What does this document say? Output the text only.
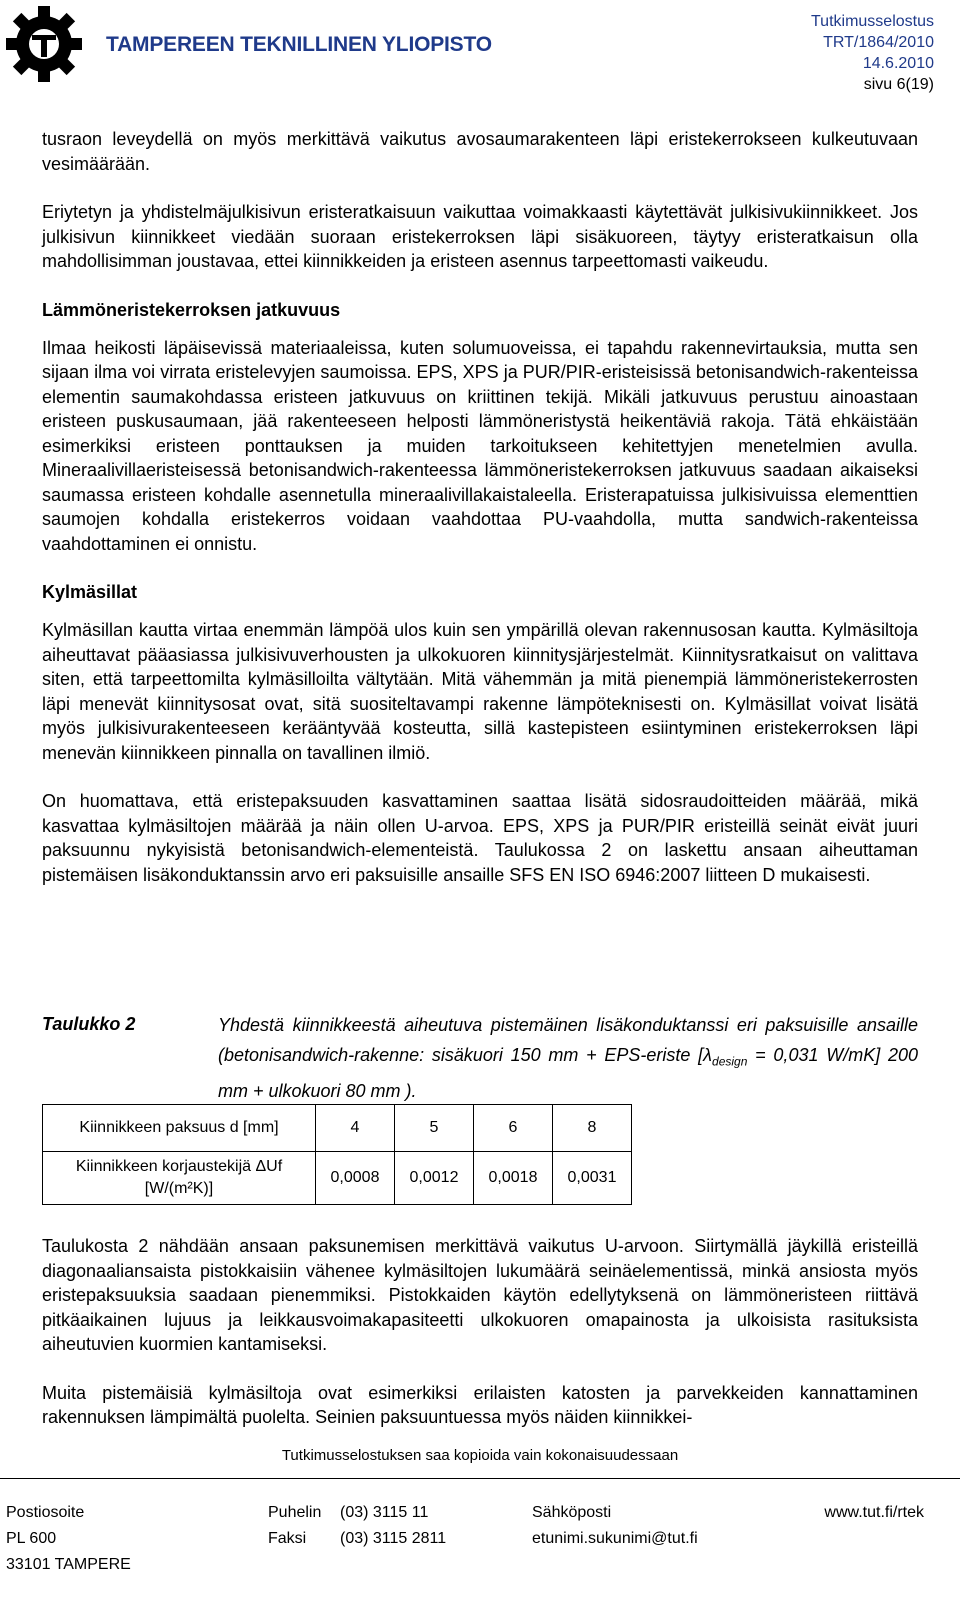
TAMPEREEN TEKNILLINEN YLIOPISTO
Tutkimusselostus
TRT/1864/2010
14.6.2010
sivu 6(19)

tusraon leveydellä on myös merkittävä vaikutus avosaumarakenteen läpi eristekerrokseen kulkeutuvaan vesimäärään.

Eriytetyn ja yhdistelmäjulkisivun eristeratkaisuun vaikuttaa voimakkaasti käytettävät julkisivukiinnikkeet. Jos julkisivun kiinnikkeet viedään suoraan eristekerroksen läpi sisäkuoreen, täytyy eristeratkaisun olla mahdollisimman joustavaa, ettei kiinnikkeiden ja eristeen asennus tarpeettomasti vaikeudu.

Lämmöneristekerroksen jatkuvuus

Ilmaa heikosti läpäisevissä materiaaleissa, kuten solumuoveissa, ei tapahdu rakennevirtauksia, mutta sen sijaan ilma voi virrata eristelevyjen saumoissa. EPS, XPS ja PUR/PIR-eristeisissä betonisandwich-rakenteissa elementin saumakohdassa eristeen jatkuvuus on kriittinen tekijä. Mikäli jatkuvuus perustuu ainoastaan eristeen puskusaumaan, jää rakenteeseen helposti lämmöneristystä heikentäviä rakoja. Tätä ehkäistään esimerkiksi eristeen ponttauksen ja muiden tarkoitukseen kehitettyjen menetelmien avulla. Mineraalivillaeristeisessä betonisandwich-rakenteessa lämmöneristekerroksen jatkuvuus saadaan aikaiseksi saumassa eristeen kohdalle asennetulla mineraalivillakaistaleella. Eristerapatuissa julkisivuissa elementtien saumojen kohdalla eristekerros voidaan vaahdottaa PU-vaahdolla, mutta sandwich-rakenteissa vaahdottaminen ei onnistu.

Kylmäsillat

Kylmäsillan kautta virtaa enemmän lämpöä ulos kuin sen ympärillä olevan rakennusosan kautta. Kylmäsiltoja aiheuttavat pääasiassa julkisivuverhousten ja ulkokuoren kiinnitysjärjestelmät. Kiinnitysratkaisut on valittava siten, että tarpeettomilta kylmäsilloilta vältytään. Mitä vähemmän ja mitä pienempiä lämmöneristekerrosten läpi menevät kiinnitysosat ovat, sitä suositeltavampi rakenne lämpöteknisesti on. Kylmäsillat voivat lisätä myös julkisivurakenteeseen kerääntyvää kosteutta, sillä kastepisteen esiintyminen eristekerroksen läpi menevän kiinnikkeen pinnalla on tavallinen ilmiö.

On huomattava, että eristepaksuuden kasvattaminen saattaa lisätä sidosraudoitteiden määrää, mikä kasvattaa kylmäsiltojen määrää ja näin ollen U-arvoa. EPS, XPS ja PUR/PIR eristeillä seinät eivät juuri paksuunnu nykyisistä betonisandwich-elementeistä. Taulukossa 2 on laskettu ansaan aiheuttaman pistemäisen lisäkonduktanssin arvo eri paksuisille ansaille SFS EN ISO 6946:2007 liitteen D mukaisesti.

Taulukko 2	Yhdestä kiinnikkeestä aiheutuva pistemäinen lisäkonduktanssi eri paksuisille ansaille (betonisandwich-rakenne: sisäkuori 150 mm + EPS-eriste [$\lambda_{design} = 0,031$ W/mK] 200 mm + ulkokuori 80 mm ).
Kiinnikkeen paksuus d [mm]	4	5	6	8

Kiinnikkeen korjaustekijä ΔUf
[W/(m²K)]	0,0008	0,0012	0,0018	0,0031

Taulukosta 2 nähdään ansaan paksunemisen merkittävä vaikutus U-arvoon. Siirtymällä jäykillä eristeillä diagonaaliansaista pistokkaisiin vähenee kylmäsiltojen lukumäärä seinäelementissä, minkä ansiosta myös eristepaksuuksia saadaan pienemmiksi. Pistokkaiden käytön edellytyksenä on lämmöneristeen riittävä pitkäaikainen lujuus ja leikkausvoimakapasiteetti ulkokuoren omapainosta ja ulkoisista rasituksista aiheutuvien kuormien kantamiseksi.

Muita pistemäisiä kylmäsiltoja ovat esimerkiksi erilaisten katosten ja parvekkeiden kannattaminen rakennuksen lämpimältä puolelta. Seinien paksuuntuessa myös näiden kiinnikkei-

Tutkimusselostuksen saa kopioida vain kokonaisuudessaan
Postiosoite
PL 600
33101 TAMPERE
Puhelin (03) 3115 11
Faksi (03) 3115 2811
Sähköposti
etunimi.sukunimi@tut.fi
www.tut.fi/rtek
